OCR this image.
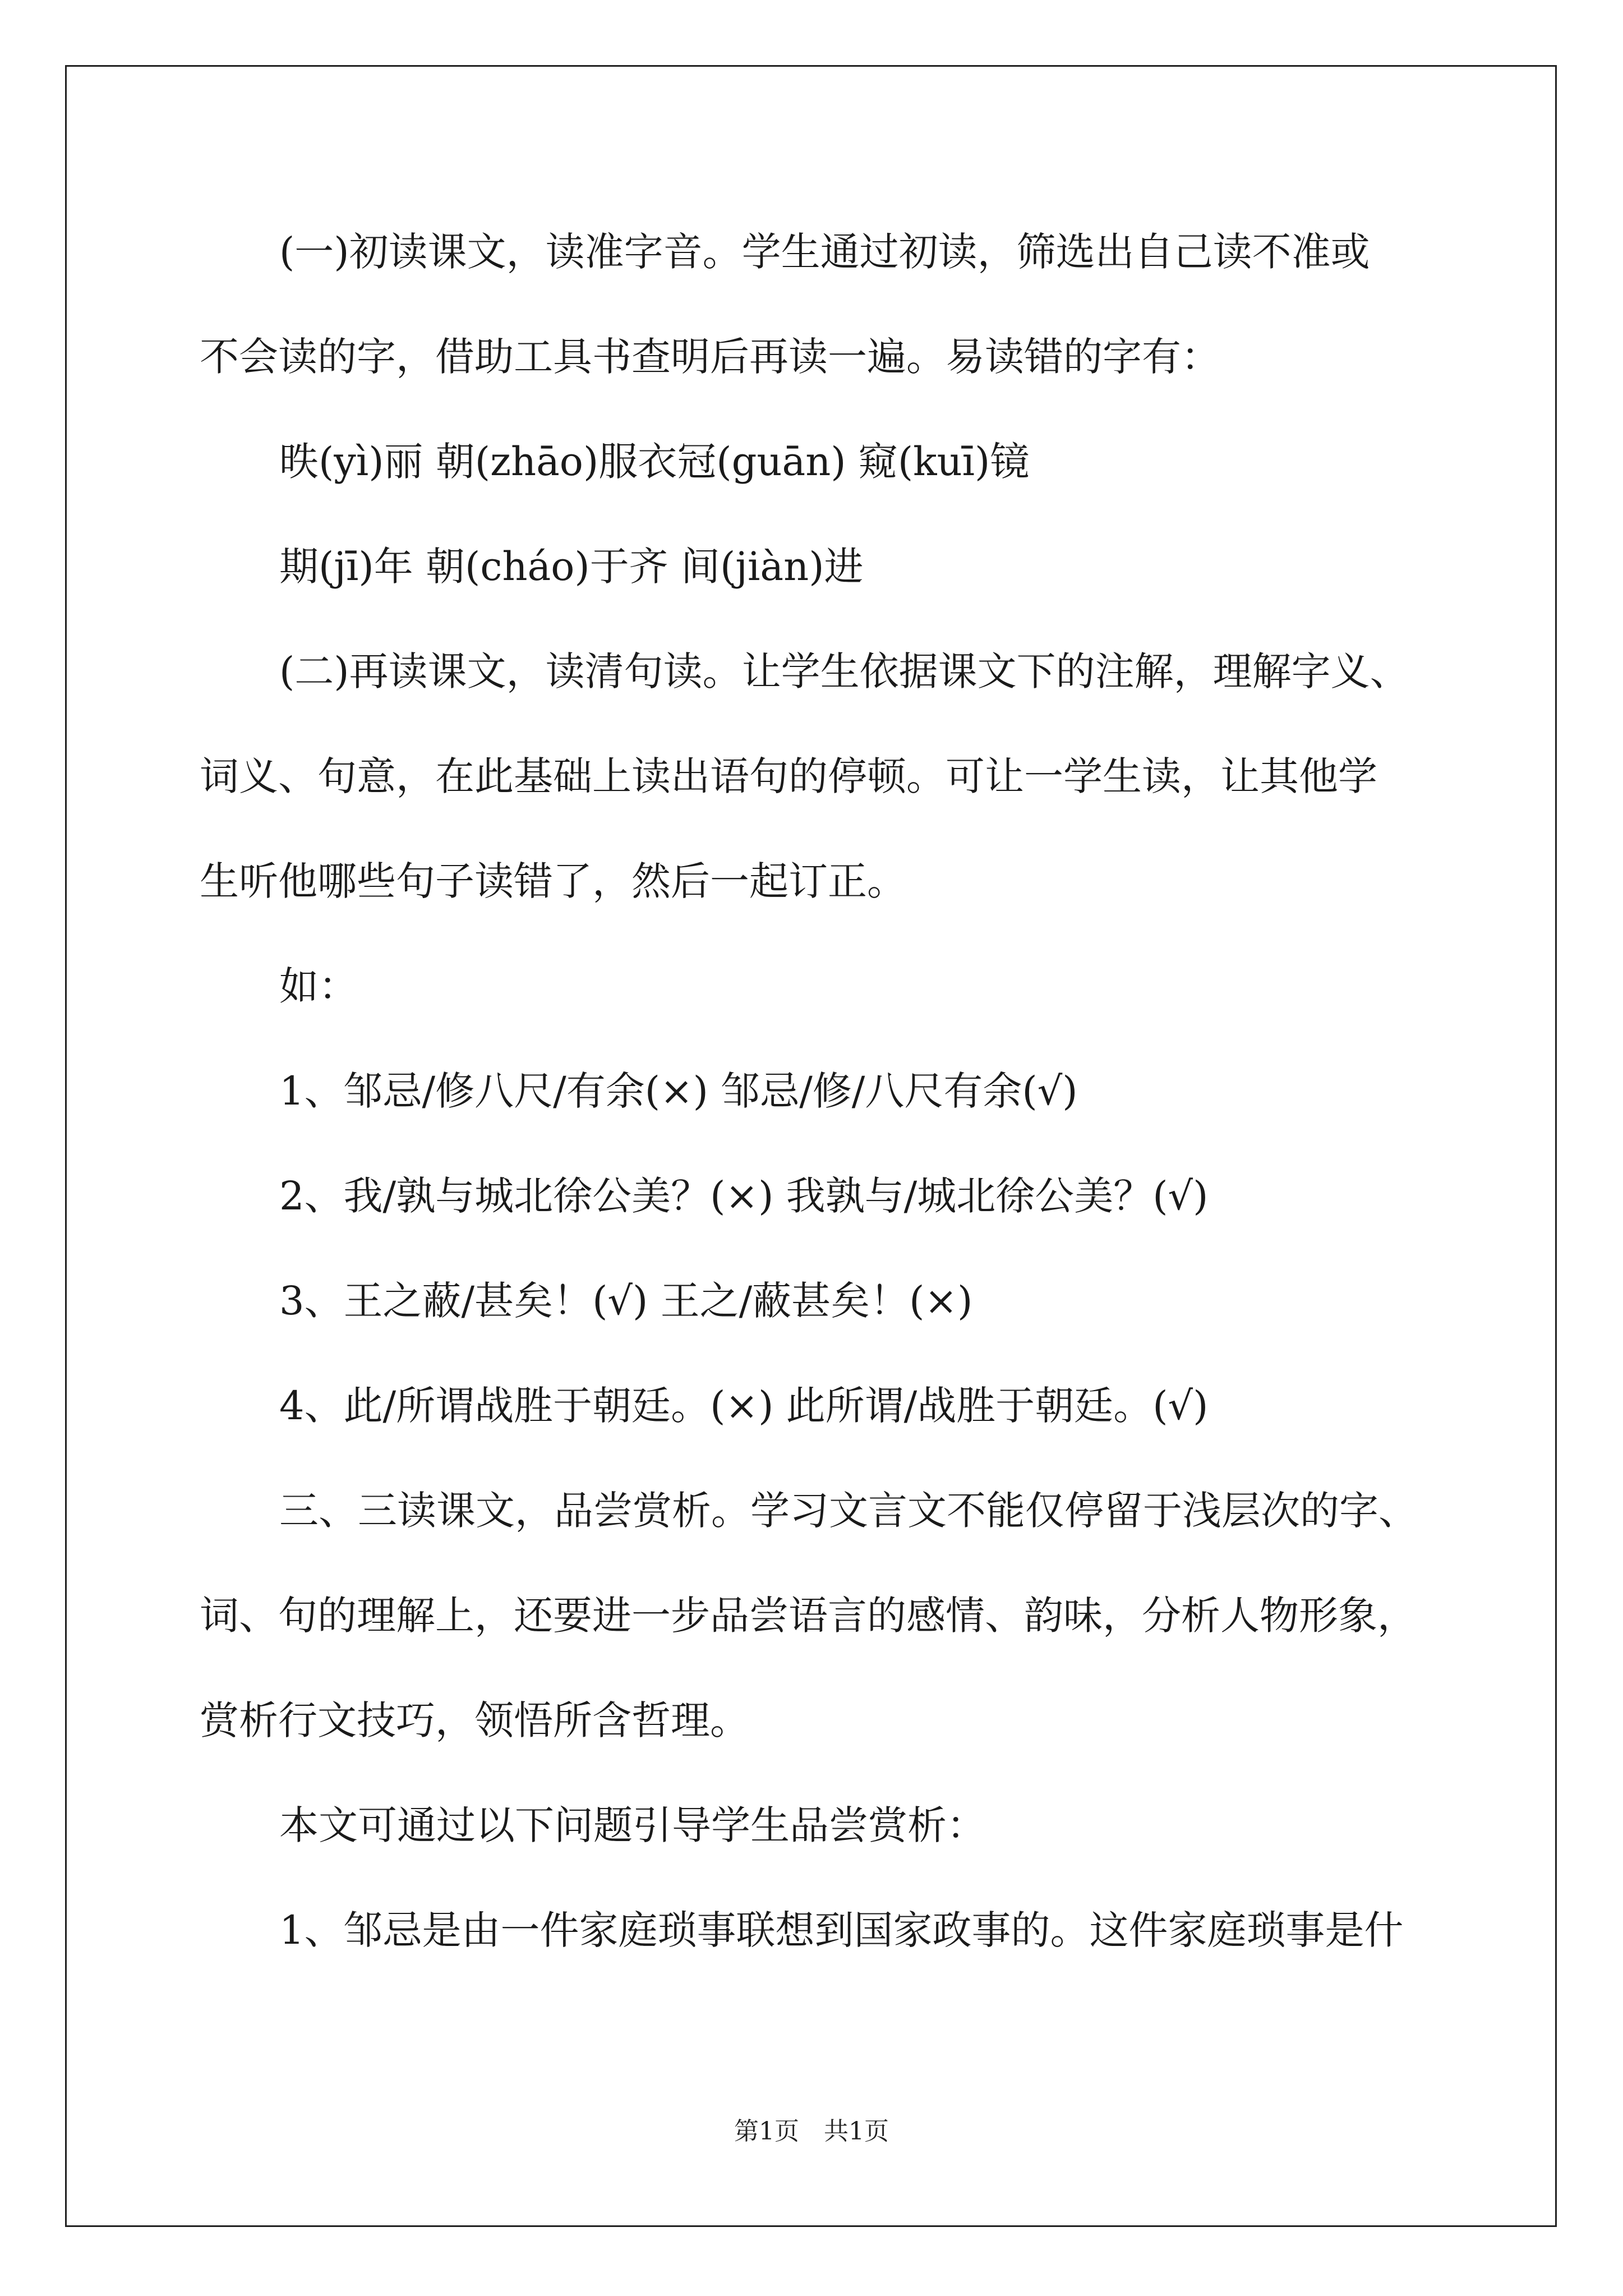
(一)初读课文，读准字音。学生通过初读，筛选出自己读不准或
不会读的字，借助工具书查明后再读一遍。易读错的字有：
昳(yì)丽 朝(zhāo)服衣冠(guān) 窥(kuī)镜
期(jī)年 朝(cháo)于齐 间(jiàn)进
(二)再读课文，读清句读。让学生依据课文下的注解，理解字义、
词义、句意，在此基础上读出语句的停顿。可让一学生读，让其他学
生听他哪些句子读错了，然后一起订正。
如：
1、邹忌/修八尺/有余(×) 邹忌/修/八尺有余(√)
2、我/孰与城北徐公美？(×) 我孰与/城北徐公美？(√)
3、王之蔽/甚矣！(√) 王之/蔽甚矣！(×)
4、此/所谓战胜于朝廷。(×) 此所谓/战胜于朝廷。(√)
三、三读课文，品尝赏析。学习文言文不能仅停留于浅层次的字、
词、句的理解上，还要进一步品尝语言的感情、韵味，分析人物形象，
赏析行文技巧，领悟所含哲理。
本文可通过以下问题引导学生品尝赏析：
1、邹忌是由一件家庭琐事联想到国家政事的。这件家庭琐事是什
第1页　共1页
